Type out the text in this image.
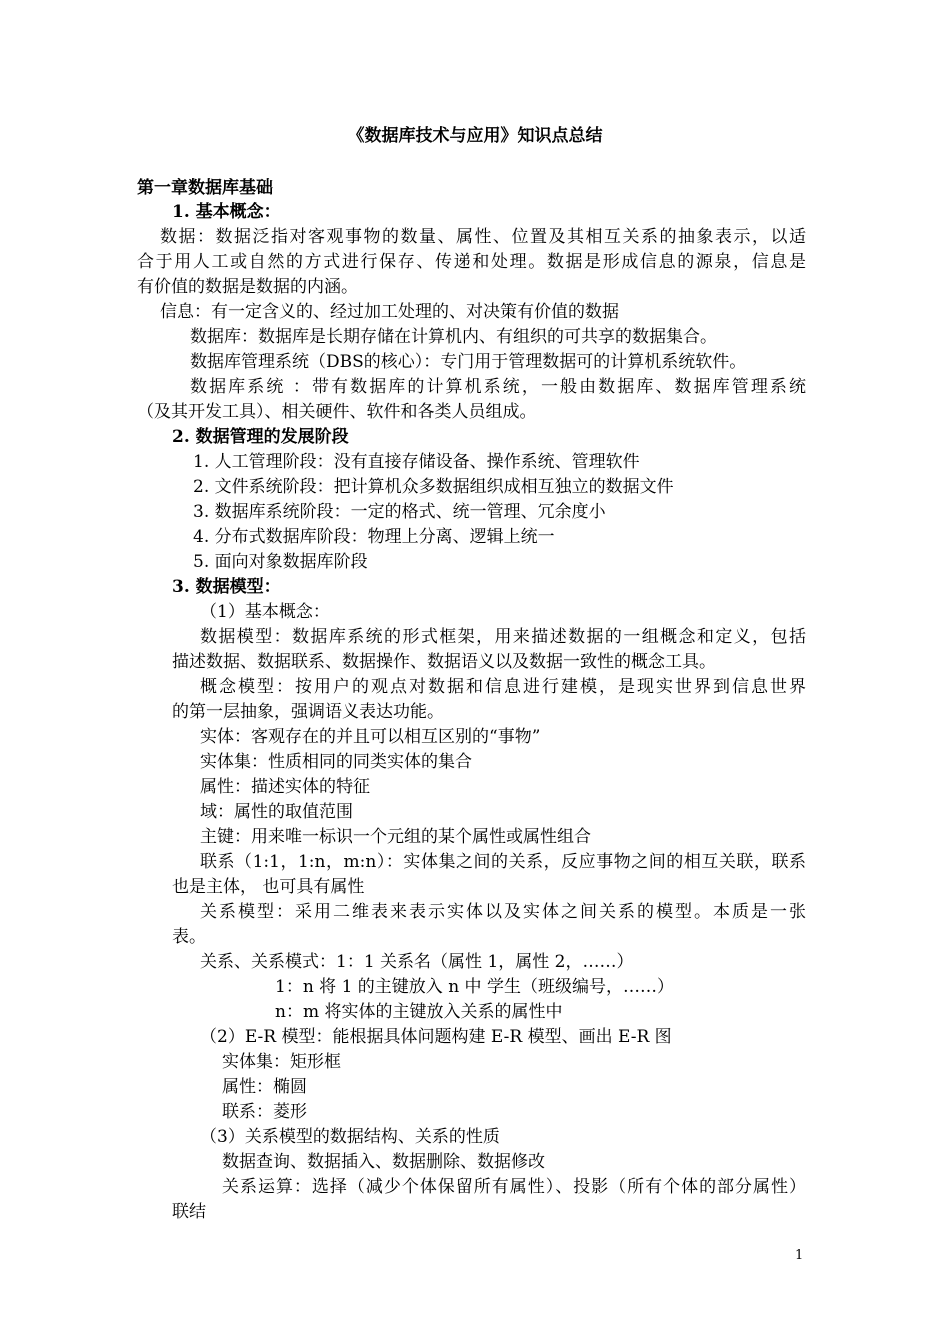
《数据库技术与应用》知识点总结
第一章数据库基础
1. 基本概念：
数据：数据泛指对客观事物的数量、属性、位置及其相互关系的抽象表示，以适
合于用人工或自然的方式进行保存、传递和处理。数据是形成信息的源泉，信息是
有价值的数据是数据的内涵。
信息：有一定含义的、经过加工处理的、对决策有价值的数据
数据库：数据库是长期存储在计算机内、有组织的可共享的数据集合。
数据库管理系统（DBS的核心）：专门用于管理数据可的计算机系统软件。
数据库系统 ：带有数据库的计算机系统，一般由数据库、数据库管理系统
（及其开发工具）、相关硬件、软件和各类人员组成。
2. 数据管理的发展阶段
1. 人工管理阶段：没有直接存储设备、操作系统、管理软件
2. 文件系统阶段：把计算机众多数据组织成相互独立的数据文件
3. 数据库系统阶段：一定的格式、统一管理、冗余度小
4. 分布式数据库阶段：物理上分离、逻辑上统一
5. 面向对象数据库阶段
3. 数据模型：
（1）基本概念：
数据模型：数据库系统的形式框架，用来描述数据的一组概念和定义，包括
描述数据、数据联系、数据操作、数据语义以及数据一致性的概念工具。
概念模型：按用户的观点对数据和信息进行建模，是现实世界到信息世界
的第一层抽象，强调语义表达功能。
实体：客观存在的并且可以相互区别的“事物”
实体集：性质相同的同类实体的集合
属性：描述实体的特征
域：属性的取值范围
主键：用来唯一标识一个元组的某个属性或属性组合
联系（1:1，1:n，m:n）：实体集之间的关系，反应事物之间的相互关联，联系
也是主体， 也可具有属性
关系模型：采用二维表来表示实体以及实体之间关系的模型。本质是一张
表。
关系、关系模式：1：1 关系名（属性 1，属性 2，……）
1：n 将 1 的主键放入 n 中 学生（班级编号，……）
n：m 将实体的主键放入关系的属性中
（2）E-R 模型：能根据具体问题构建 E-R 模型、画出 E-R 图
实体集：矩形框
属性：椭圆
联系：菱形
（3）关系模型的数据结构、关系的性质
数据查询、数据插入、数据删除、数据修改
关系运算：选择（减少个体保留所有属性）、投影（所有个体的部分属性）
联结
1
